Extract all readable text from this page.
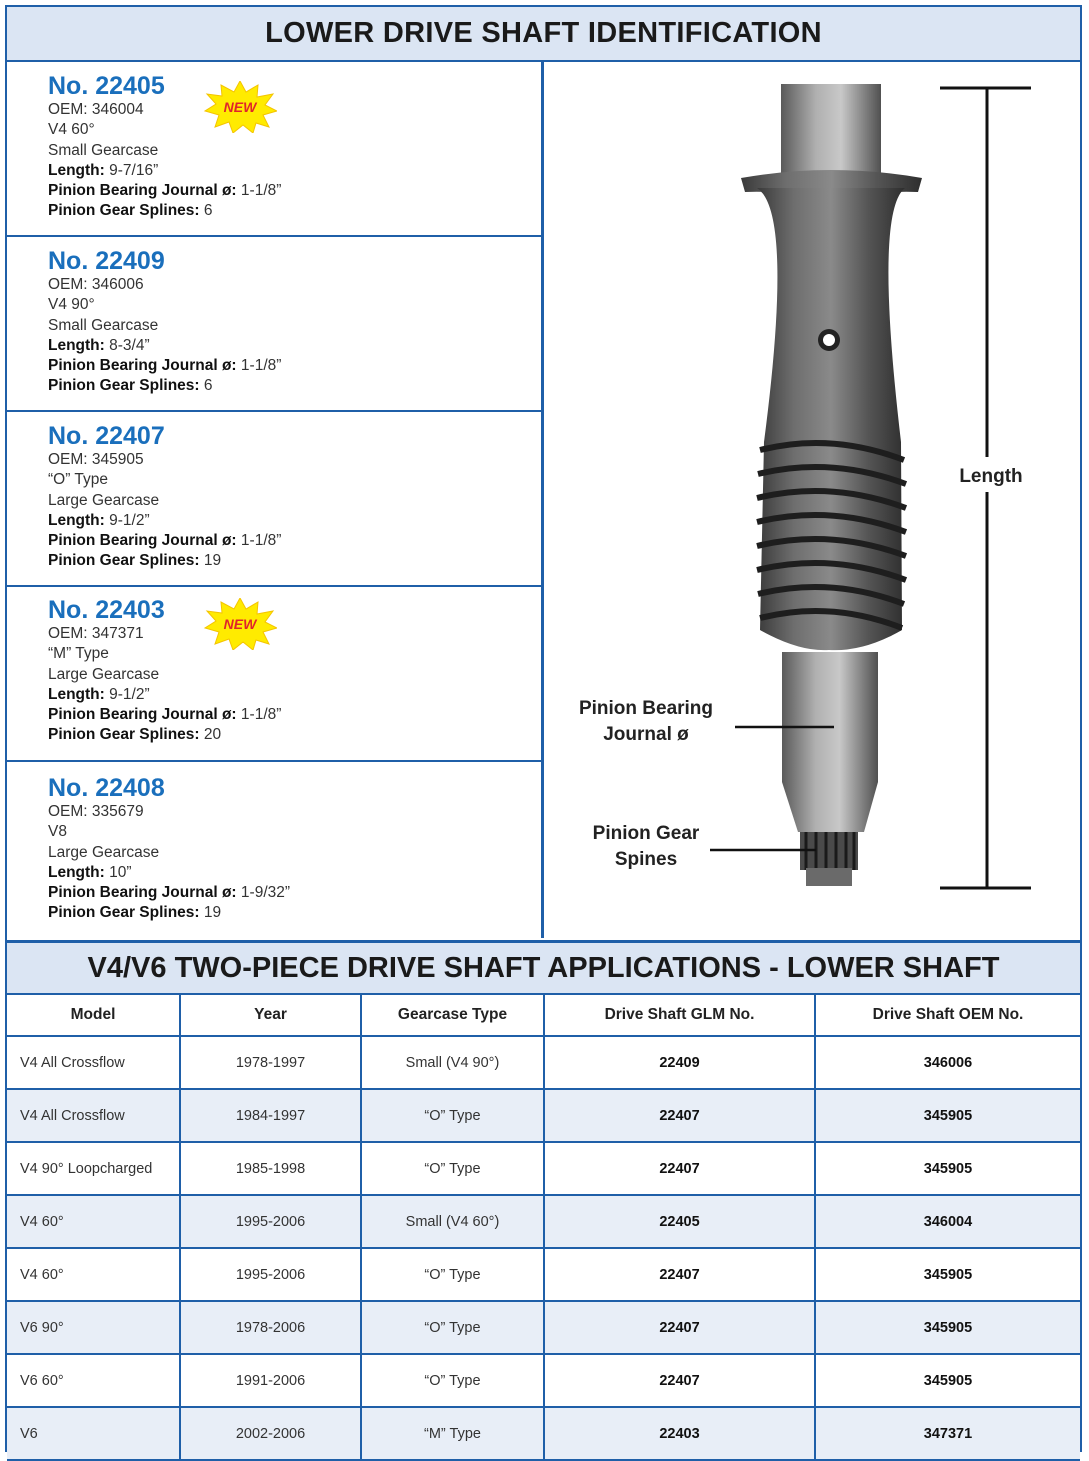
LOWER DRIVE SHAFT IDENTIFICATION
No. 22405
OEM: 346004
V4 60°
Small Gearcase
Length: 9-7/16”
Pinion Bearing Journal ø: 1-1/8”
Pinion Gear Splines: 6
NEW
No. 22409
OEM: 346006
V4 90°
Small Gearcase
Length: 8-3/4”
Pinion Bearing Journal ø: 1-1/8”
Pinion Gear Splines: 6
No. 22407
OEM: 345905
“O” Type
Large Gearcase
Length: 9-1/2”
Pinion Bearing Journal ø: 1-1/8”
Pinion Gear Splines: 19
No. 22403
OEM: 347371
“M” Type
Large Gearcase
Length: 9-1/2”
Pinion Bearing Journal ø: 1-1/8”
Pinion Gear Splines: 20
NEW
No. 22408
OEM: 335679
V8
Large Gearcase
Length: 10”
Pinion Bearing Journal ø: 1-9/32”
Pinion Gear Splines: 19
Length
Pinion Bearing
Journal ø
Pinion Gear
Spines
V4/V6 TWO-PIECE DRIVE SHAFT APPLICATIONS - LOWER SHAFT
Model	Year	Gearcase Type	Drive Shaft GLM No.	Drive Shaft OEM No.
V4 All Crossflow	1978-1997	Small (V4 90°)	22409	346006
V4 All Crossflow	1984-1997	“O” Type	22407	345905
V4 90° Loopcharged	1985-1998	“O” Type	22407	345905
V4 60°	1995-2006	Small (V4 60°)	22405	346004
V4 60°	1995-2006	“O” Type	22407	345905
V6 90°	1978-2006	“O” Type	22407	345905
V6 60°	1991-2006	“O” Type	22407	345905
V6	2002-2006	“M” Type	22403	347371
